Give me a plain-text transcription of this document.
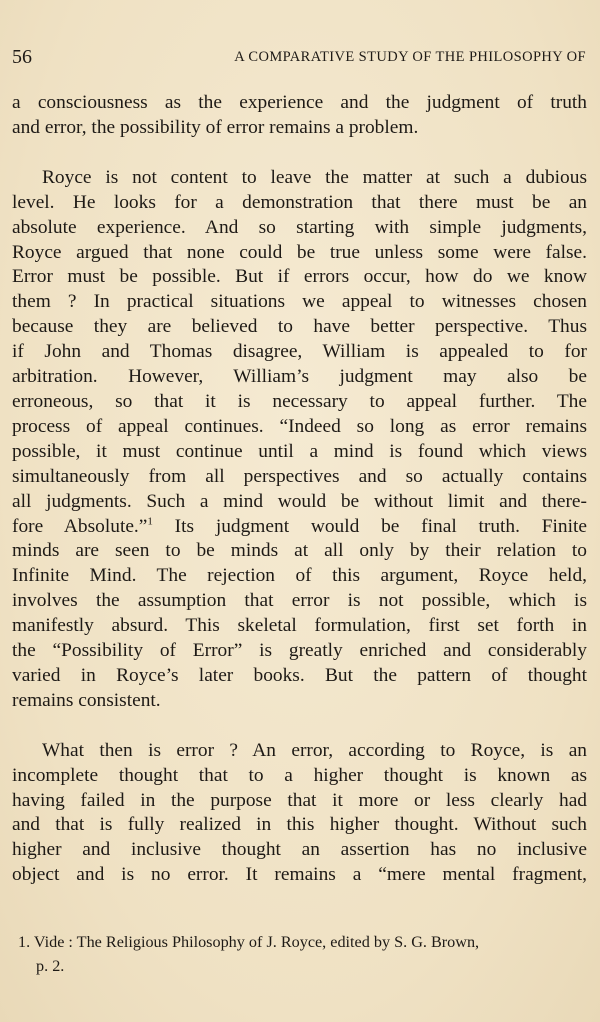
56	A COMPARATIVE STUDY OF THE PHILOSOPHY OF

a consciousness as the experience and the judgment of truth
and error, the possibility of error remains a problem.

Royce is not content to leave the matter at such a dubious
level. He looks for a demonstration that there must be an
absolute experience. And so starting with simple judgments,
Royce argued that none could be true unless some were false.
Error must be possible. But if errors occur, how do we know
them ? In practical situations we appeal to witnesses chosen
because they are believed to have better perspective. Thus
if John and Thomas disagree, William is appealed to for
arbitration. However, William’s judgment may also be
erroneous, so that it is necessary to appeal further. The
process of appeal continues. “Indeed so long as error remains
possible, it must continue until a mind is found which views
simultaneously from all perspectives and so actually contains
all judgments. Such a mind would be without limit and there-
fore Absolute.”$^1$ Its judgment would be final truth. Finite
minds are seen to be minds at all only by their relation to
Infinite Mind. The rejection of this argument, Royce held,
involves the assumption that error is not possible, which is
manifestly absurd. This skeletal formulation, first set forth in
the “Possibility of Error” is greatly enriched and considerably
varied in Royce’s later books. But the pattern of thought
remains consistent.

What then is error ? An error, according to Royce, is an
incomplete thought that to a higher thought is known as
having failed in the purpose that it more or less clearly had
and that is fully realized in this higher thought. Without such
higher and inclusive thought an assertion has no inclusive
object and is no error. It remains a “mere mental fragment,

1. Vide : The Religious Philosophy of J. Royce, edited by S. G. Brown,
p. 2.
